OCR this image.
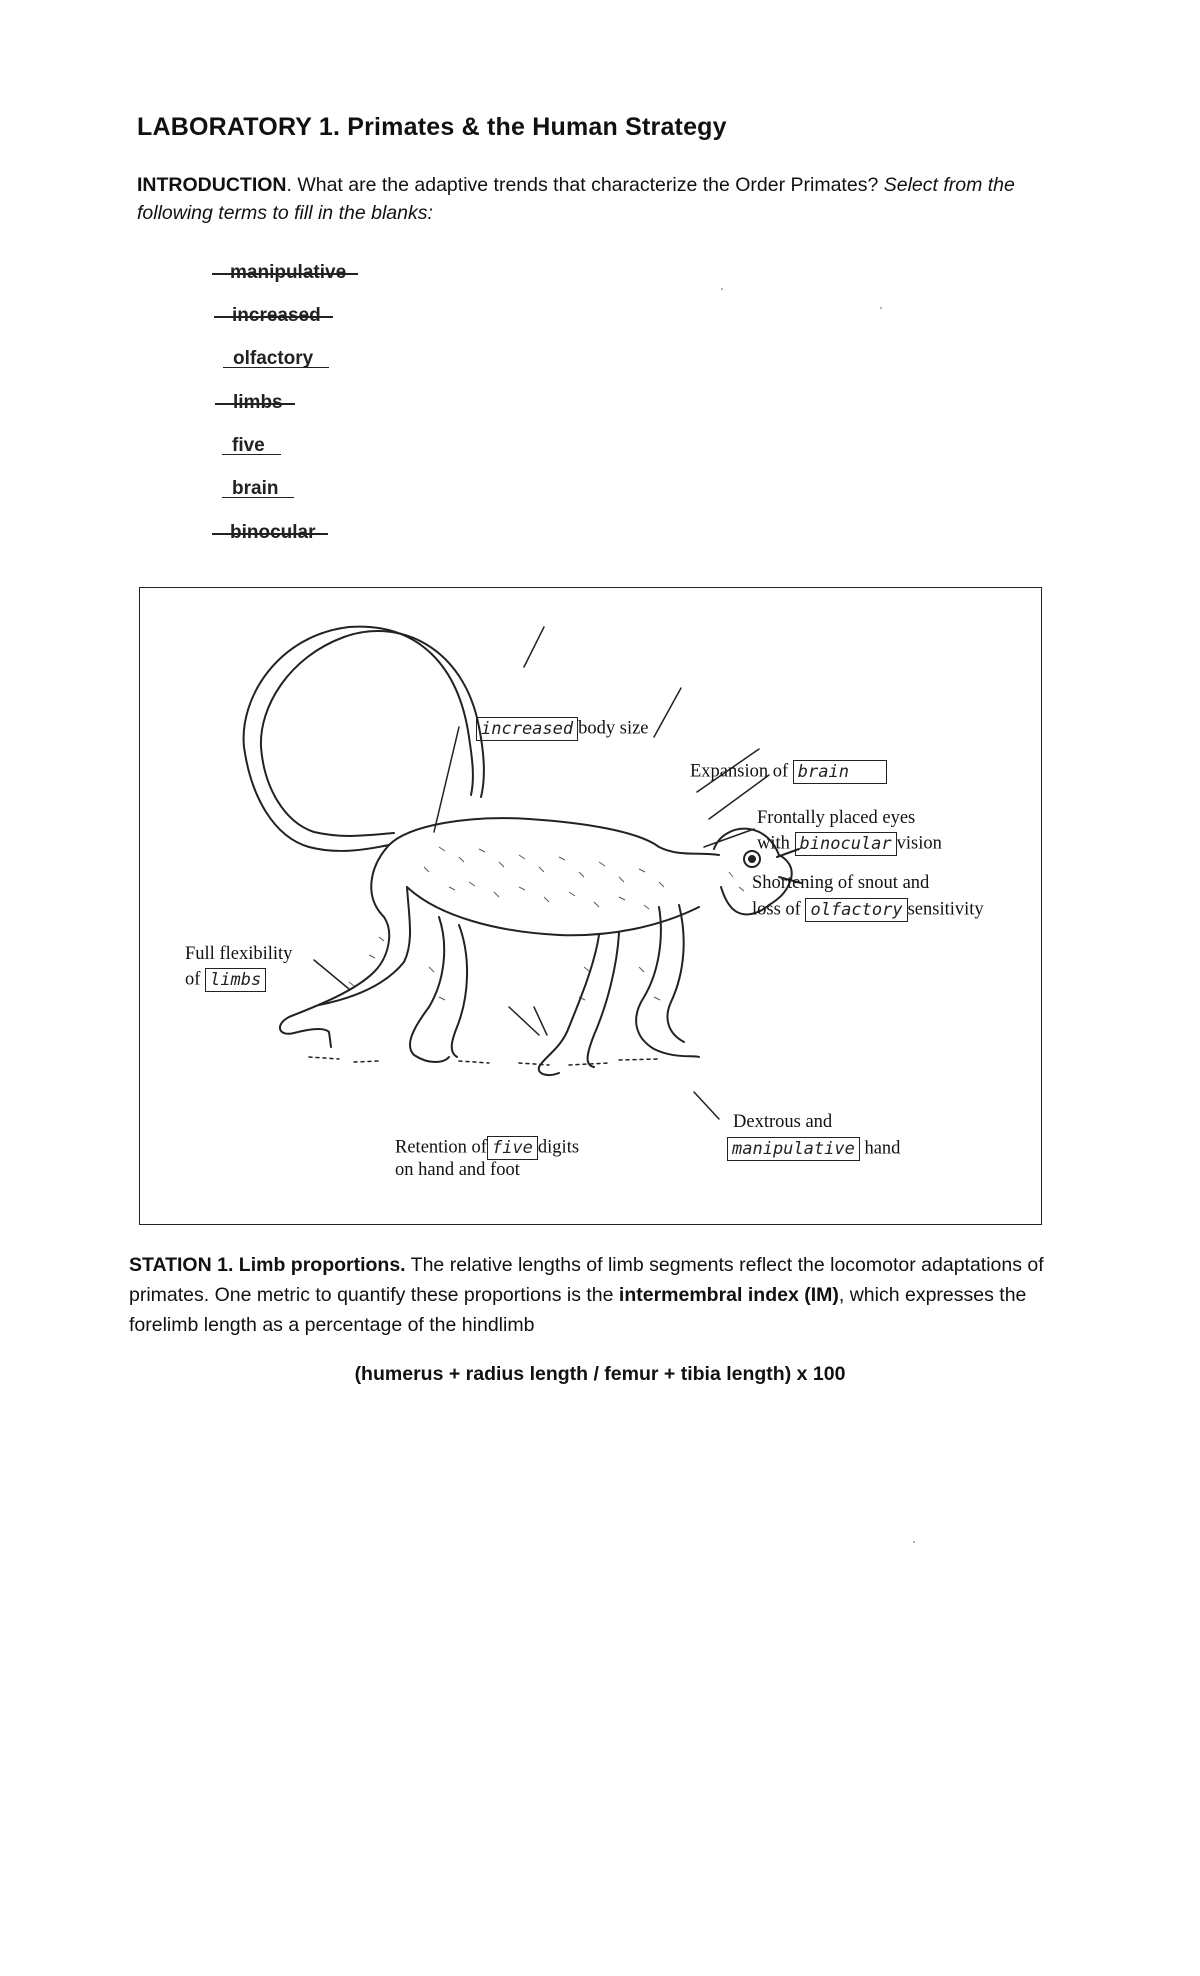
LABORATORY 1. Primates & the Human Strategy
INTRODUCTION. What are the adaptive trends that characterize the Order Primates? Select from the following terms to fill in the blanks:
manipulative
increased
olfactory
limbs
five
brain
binocular
increased body size
Expansion of brain
Frontally placed eyes
with binocular vision
Shortening of snout and
loss of olfactory sensitivity
Full flexibility
of limbs
Retention of five digits
on hand and foot
Dextrous and
manipulative hand
STATION 1. Limb proportions. The relative lengths of limb segments reflect the locomotor adaptations of primates. One metric to quantify these proportions is the intermembral index (IM), which expresses the forelimb length as a percentage of the hindlimb
(humerus + radius length / femur + tibia length) x 100
